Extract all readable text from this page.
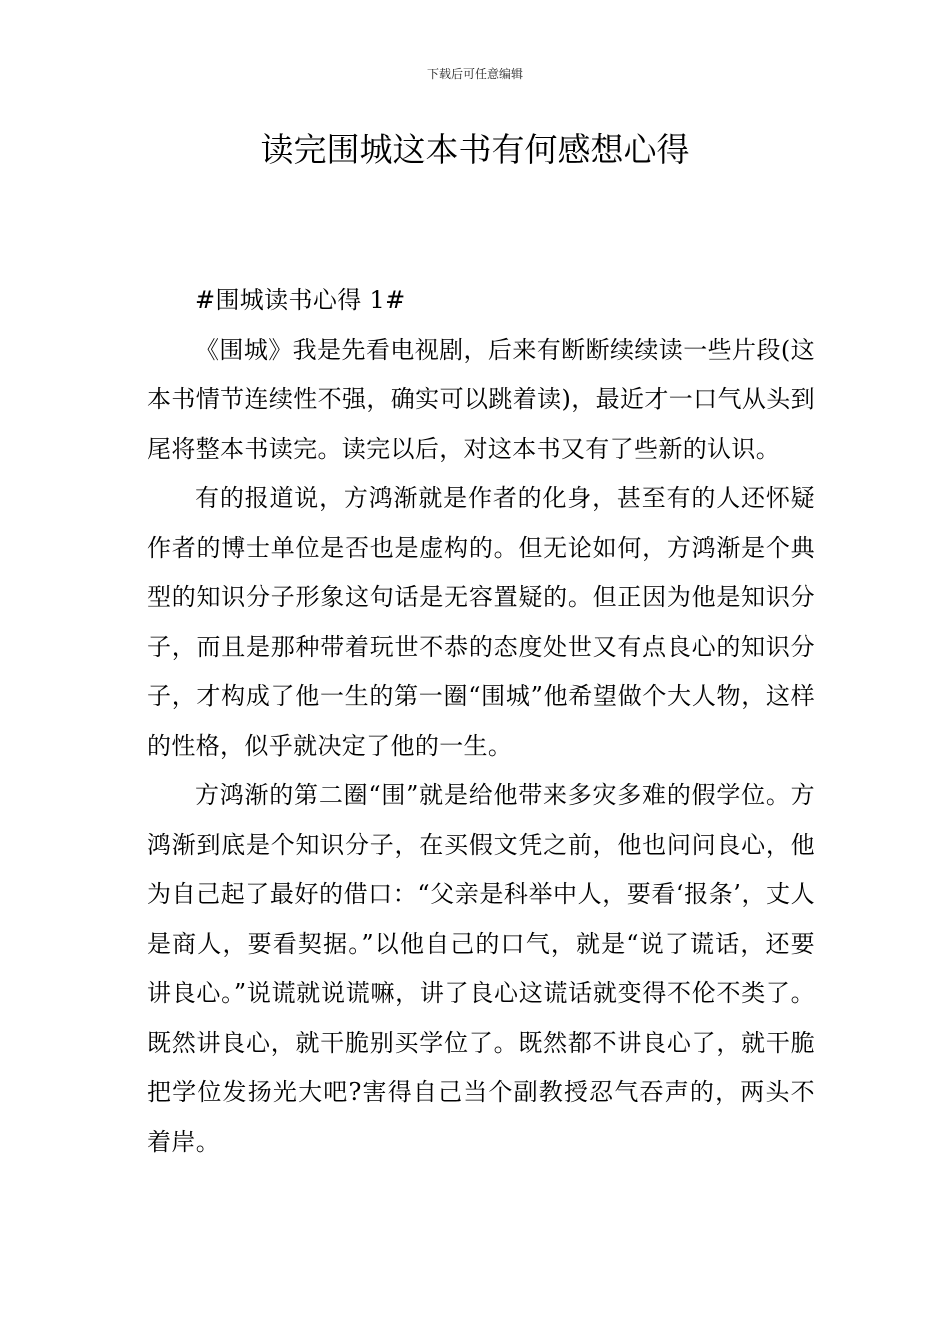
下载后可任意编辑
读完围城这本书有何感想心得

#围城读书心得 1#

《围城》我是先看电视剧，后来有断断续续读一些片段(这本书情节连续性不强，确实可以跳着读)，最近才一口气从头到尾将整本书读完。读完以后，对这本书又有了些新的认识。

有的报道说，方鸿渐就是作者的化身，甚至有的人还怀疑作者的博士单位是否也是虚构的。但无论如何，方鸿渐是个典型的知识分子形象这句话是无容置疑的。但正因为他是知识分子，而且是那种带着玩世不恭的态度处世又有点良心的知识分子，才构成了他一生的第一圈“围城”他希望做个大人物，这样的性格，似乎就决定了他的一生。

方鸿渐的第二圈“围”就是给他带来多灾多难的假学位。方鸿渐到底是个知识分子，在买假文凭之前，他也问问良心，他为自己起了最好的借口：“父亲是科举中人，要看‘报条’，丈人是商人，要看契据。”以他自己的口气，就是“说了谎话，还要讲良心。”说谎就说谎嘛，讲了良心这谎话就变得不伦不类了。既然讲良心，就干脆别买学位了。既然都不讲良心了，就干脆把学位发扬光大吧?害得自己当个副教授忍气吞声的，两头不着岸。
